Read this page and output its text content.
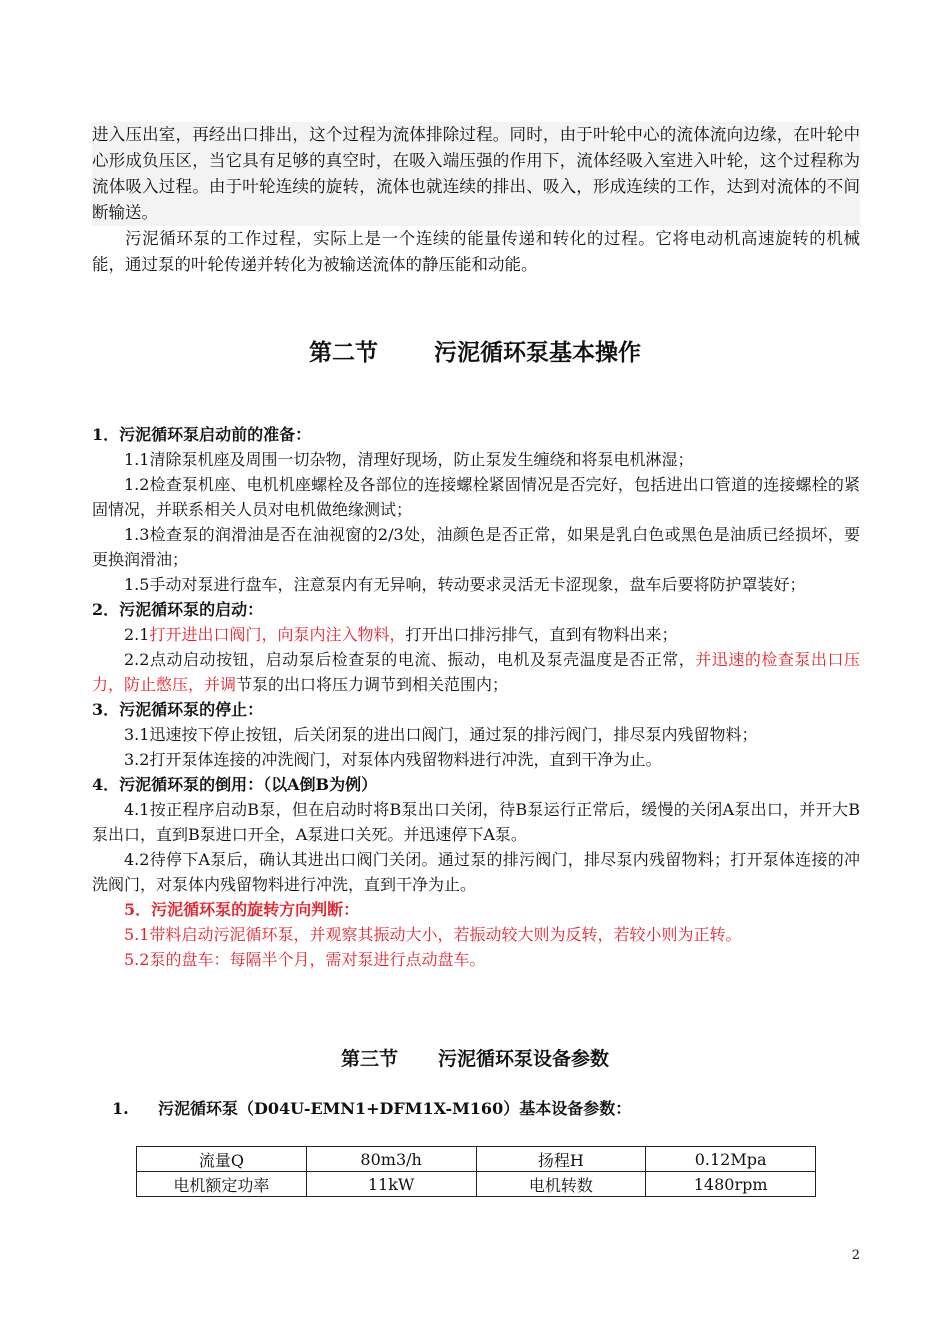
进入压出室，再经出口排出，这个过程为流体排除过程。同时，由于叶轮中心的流体流向边缘，在叶轮中心形成负压区，当它具有足够的真空时，在吸入端压强的作用下，流体经吸入室进入叶轮，这个过程称为流体吸入过程。由于叶轮连续的旋转，流体也就连续的排出、吸入，形成连续的工作，达到对流体的不间断输送。

污泥循环泵的工作过程，实际上是一个连续的能量传递和转化的过程。它将电动机高速旋转的机械能，通过泵的叶轮传递并转化为被输送流体的静压能和动能。

第二节 污泥循环泵基本操作

1．污泥循环泵启动前的准备：

1.1清除泵机座及周围一切杂物，清理好现场，防止泵发生缠绕和将泵电机淋湿；

1.2检查泵机座、电机机座螺栓及各部位的连接螺栓紧固情况是否完好，包括进出口管道的连接螺栓的紧固情况，并联系相关人员对电机做绝缘测试；

1.3检查泵的润滑油是否在油视窗的2/3处，油颜色是否正常，如果是乳白色或黑色是油质已经损坏，要更换润滑油；

1.5手动对泵进行盘车，注意泵内有无异响，转动要求灵活无卡涩现象，盘车后要将防护罩装好；

2．污泥循环泵的启动：

2.1打开进出口阀门，向泵内注入物料，打开出口排污排气，直到有物料出来；

2.2点动启动按钮，启动泵后检查泵的电流、振动，电机及泵壳温度是否正常，并迅速的检查泵出口压力，防止憋压，并调节泵的出口将压力调节到相关范围内；

3．污泥循环泵的停止：

3.1迅速按下停止按钮，后关闭泵的进出口阀门，通过泵的排污阀门，排尽泵内残留物料；

3.2打开泵体连接的冲洗阀门，对泵体内残留物料进行冲洗，直到干净为止。

4．污泥循环泵的倒用：（以A倒B为例）

4.1按正程序启动B泵，但在启动时将B泵出口关闭，待B泵运行正常后，缓慢的关闭A泵出口，并开大B泵出口，直到B泵进口开全，A泵进口关死。并迅速停下A泵。

4.2待停下A泵后，确认其进出口阀门关闭。通过泵的排污阀门，排尽泵内残留物料；打开泵体连接的冲洗阀门，对泵体内残留物料进行冲洗，直到干净为止。

5．污泥循环泵的旋转方向判断：

5.1带料启动污泥循环泵，并观察其振动大小，若振动较大则为反转，若较小则为正转。

5.2泵的盘车：每隔半个月，需对泵进行点动盘车。

第三节 污泥循环泵设备参数

1. 污泥循环泵（D04U-EMN1+DFM1X-M160）基本设备参数：

流量Q	80m3/h	扬程H	0.12Mpa
电机额定功率	11kW	电机转数	1480rpm
2
